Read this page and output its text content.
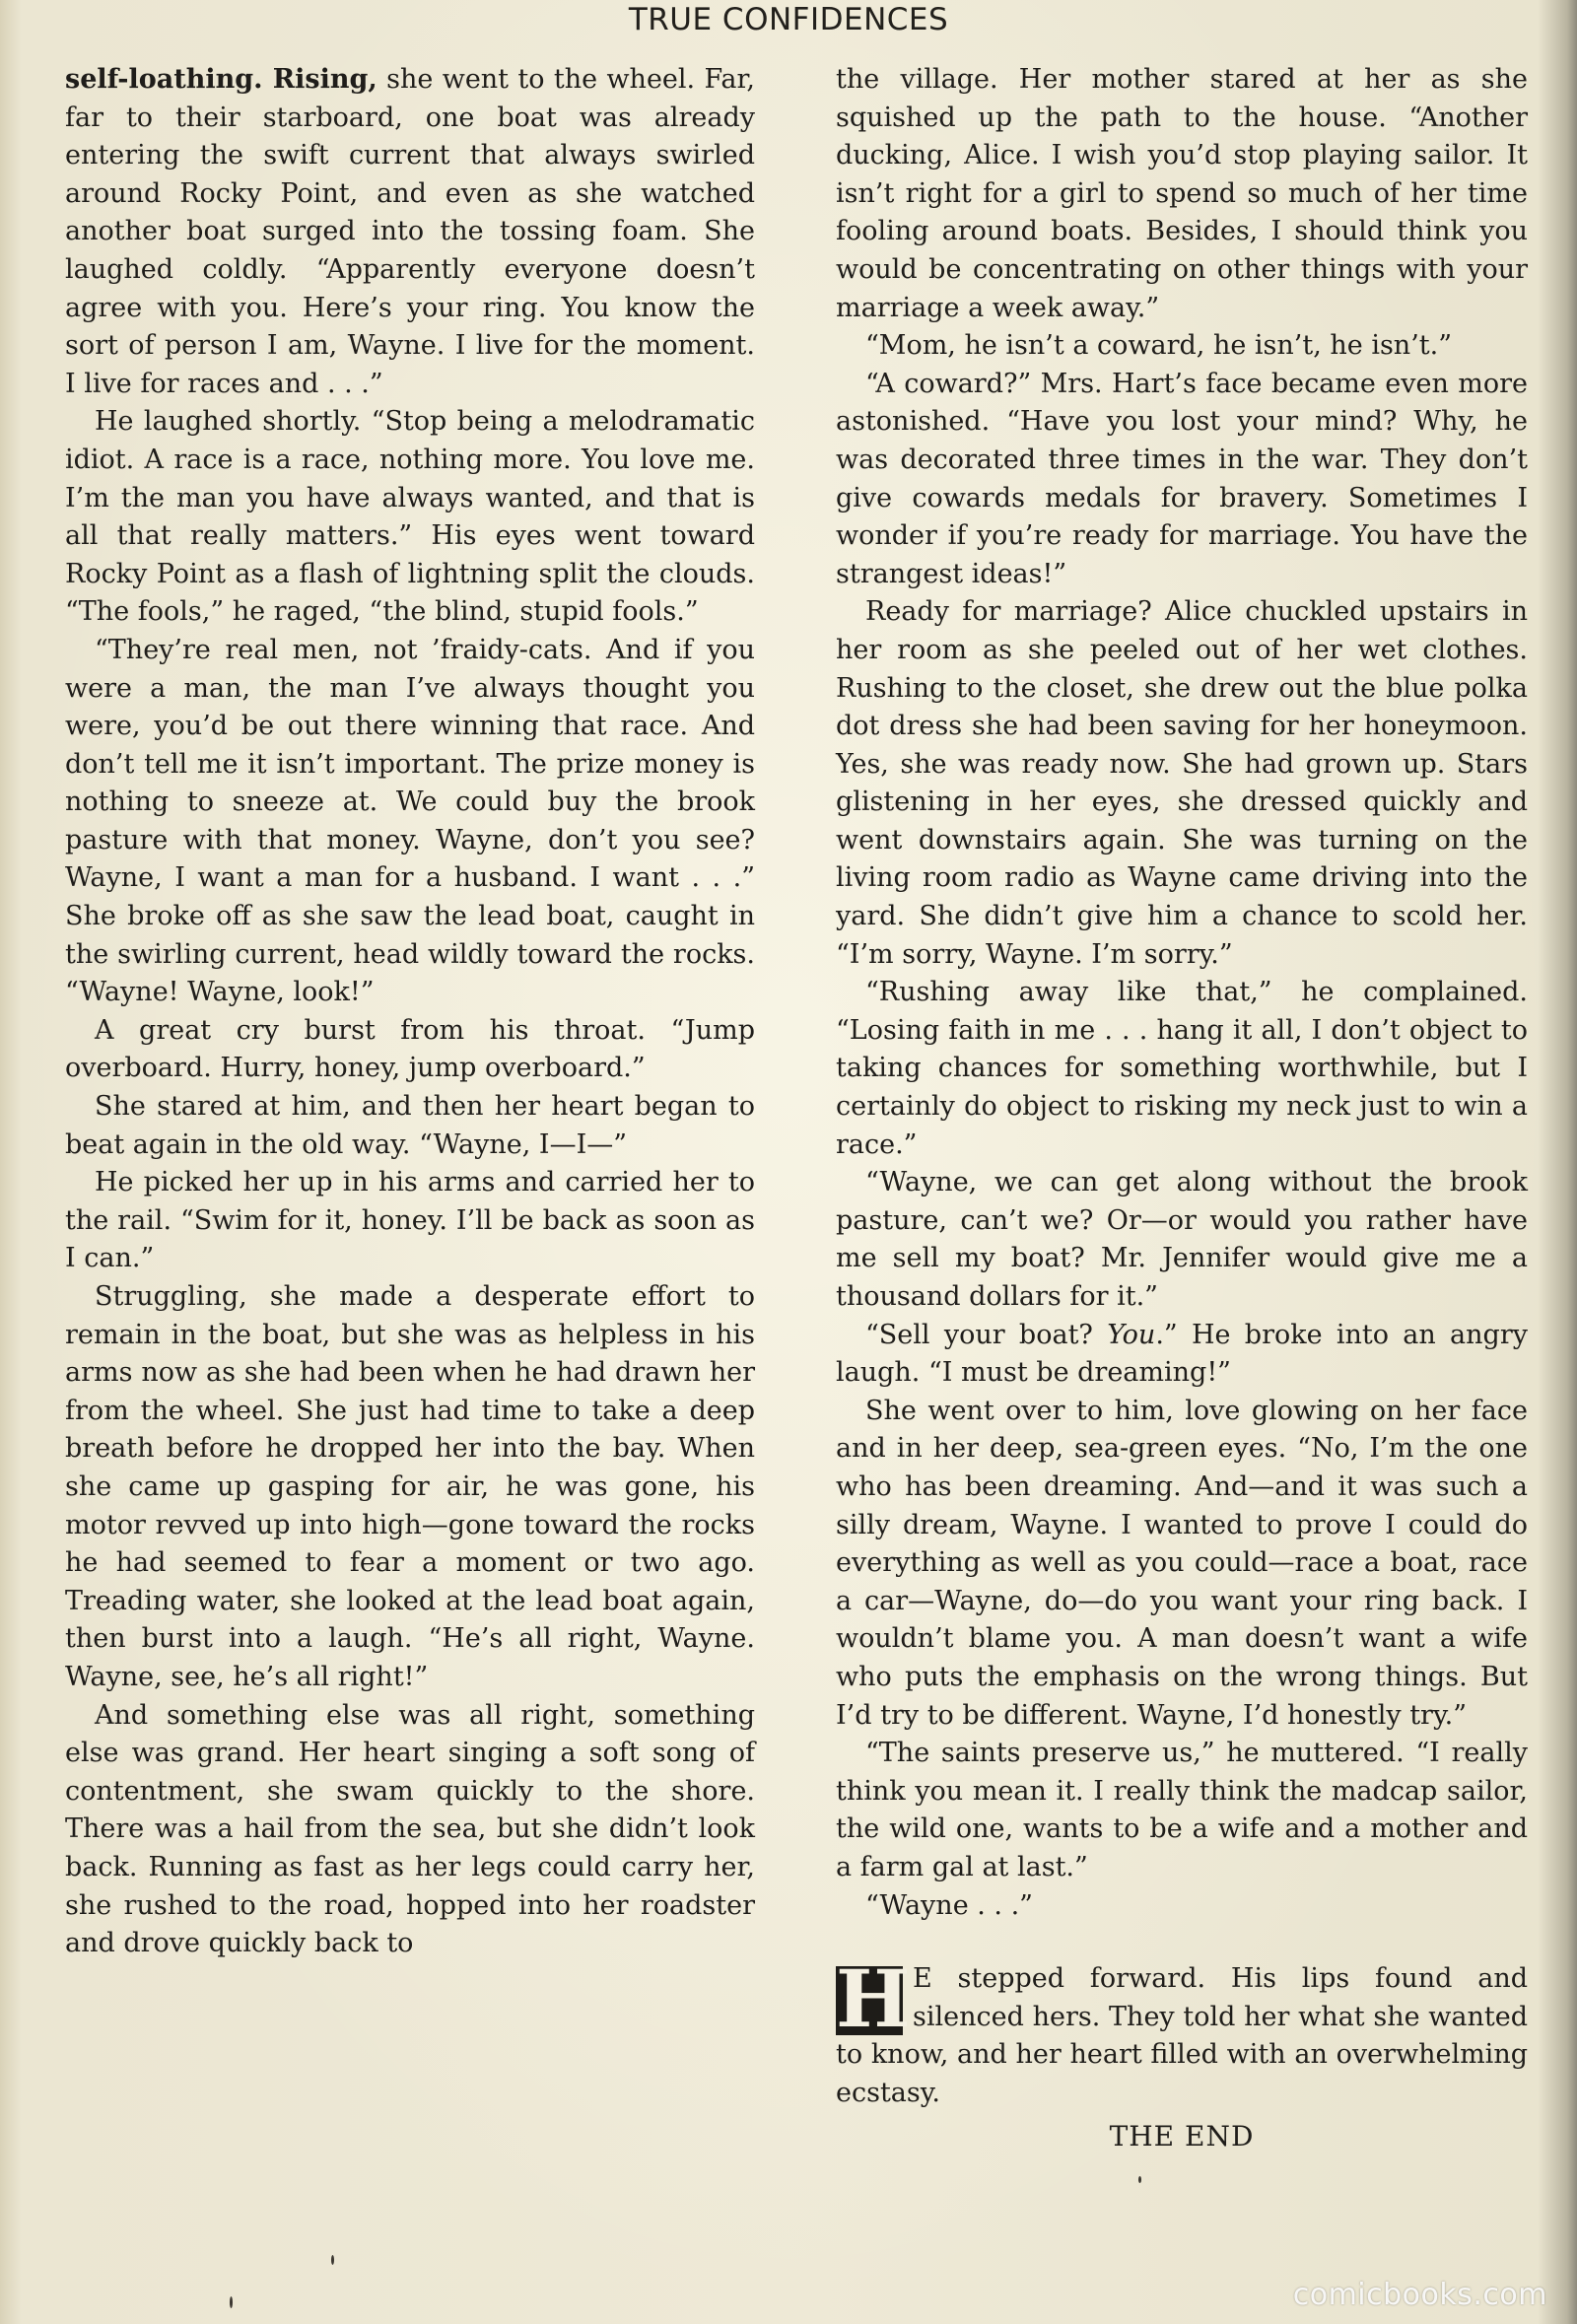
TRUE CONFIDENCES

self-loathing. Rising, she went to the wheel. Far, far to their starboard, one boat was already entering the swift current that always swirled around Rocky Point, and even as she watched another boat surged into the tossing foam. She laughed coldly. “Apparently everyone doesn’t agree with you. Here’s your ring. You know the sort of person I am, Wayne. I live for the moment. I live for races and . . .”

He laughed shortly. “Stop being a melodramatic idiot. A race is a race, nothing more. You love me. I’m the man you have always wanted, and that is all that really matters.” His eyes went toward Rocky Point as a flash of lightning split the clouds. “The fools,” he raged, “the blind, stupid fools.”

“They’re real men, not ’fraidy-cats. And if you were a man, the man I’ve always thought you were, you’d be out there winning that race. And don’t tell me it isn’t important. The prize money is nothing to sneeze at. We could buy the brook pasture with that money. Wayne, don’t you see? Wayne, I want a man for a husband. I want . . .” She broke off as she saw the lead boat, caught in the swirling current, head wildly toward the rocks. “Wayne! Wayne, look!”

A great cry burst from his throat. “Jump overboard. Hurry, honey, jump overboard.”

She stared at him, and then her heart began to beat again in the old way. “Wayne, I—I—”

He picked her up in his arms and carried her to the rail. “Swim for it, honey. I’ll be back as soon as I can.”

Struggling, she made a desperate effort to remain in the boat, but she was as helpless in his arms now as she had been when he had drawn her from the wheel. She just had time to take a deep breath before he dropped her into the bay. When she came up gasping for air, he was gone, his motor revved up into high—gone toward the rocks he had seemed to fear a moment or two ago. Treading water, she looked at the lead boat again, then burst into a laugh. “He’s all right, Wayne. Wayne, see, he’s all right!”

And something else was all right, something else was grand. Her heart singing a soft song of contentment, she swam quickly to the shore. There was a hail from the sea, but she didn’t look back. Running as fast as her legs could carry her, she rushed to the road, hopped into her roadster and drove quickly back to

the village. Her mother stared at her as she squished up the path to the house. “Another ducking, Alice. I wish you’d stop playing sailor. It isn’t right for a girl to spend so much of her time fooling around boats. Besides, I should think you would be concentrating on other things with your marriage a week away.”

“Mom, he isn’t a coward, he isn’t, he isn’t.”

“A coward?” Mrs. Hart’s face became even more astonished. “Have you lost your mind? Why, he was decorated three times in the war. They don’t give cowards medals for bravery. Sometimes I wonder if you’re ready for marriage. You have the strangest ideas!”

Ready for marriage? Alice chuckled upstairs in her room as she peeled out of her wet clothes. Rushing to the closet, she drew out the blue polka dot dress she had been saving for her honeymoon. Yes, she was ready now. She had grown up. Stars glistening in her eyes, she dressed quickly and went downstairs again. She was turning on the living room radio as Wayne came driving into the yard. She didn’t give him a chance to scold her. “I’m sorry, Wayne. I’m sorry.”

“Rushing away like that,” he complained. “Losing faith in me . . . hang it all, I don’t object to taking chances for something worthwhile, but I certainly do object to risking my neck just to win a race.”

“Wayne, we can get along without the brook pasture, can’t we? Or—or would you rather have me sell my boat? Mr. Jennifer would give me a thousand dollars for it.”

“Sell your boat? You.” He broke into an angry laugh. “I must be dreaming!”

She went over to him, love glowing on her face and in her deep, sea-green eyes. “No, I’m the one who has been dreaming. And—and it was such a silly dream, Wayne. I wanted to prove I could do everything as well as you could—race a boat, race a car—Wayne, do—do you want your ring back. I wouldn’t blame you. A man doesn’t want a wife who puts the emphasis on the wrong things. But I’d try to be different. Wayne, I’d honestly try.”

“The saints preserve us,” he muttered. “I really think you mean it. I really think the madcap sailor, the wild one, wants to be a wife and a mother and a farm gal at last.”

“Wayne . . .”

H E stepped forward. His lips found and silenced hers. They told her what she wanted to know, and her heart filled with an overwhelming ecstasy.

THE END

comicbooks.com
